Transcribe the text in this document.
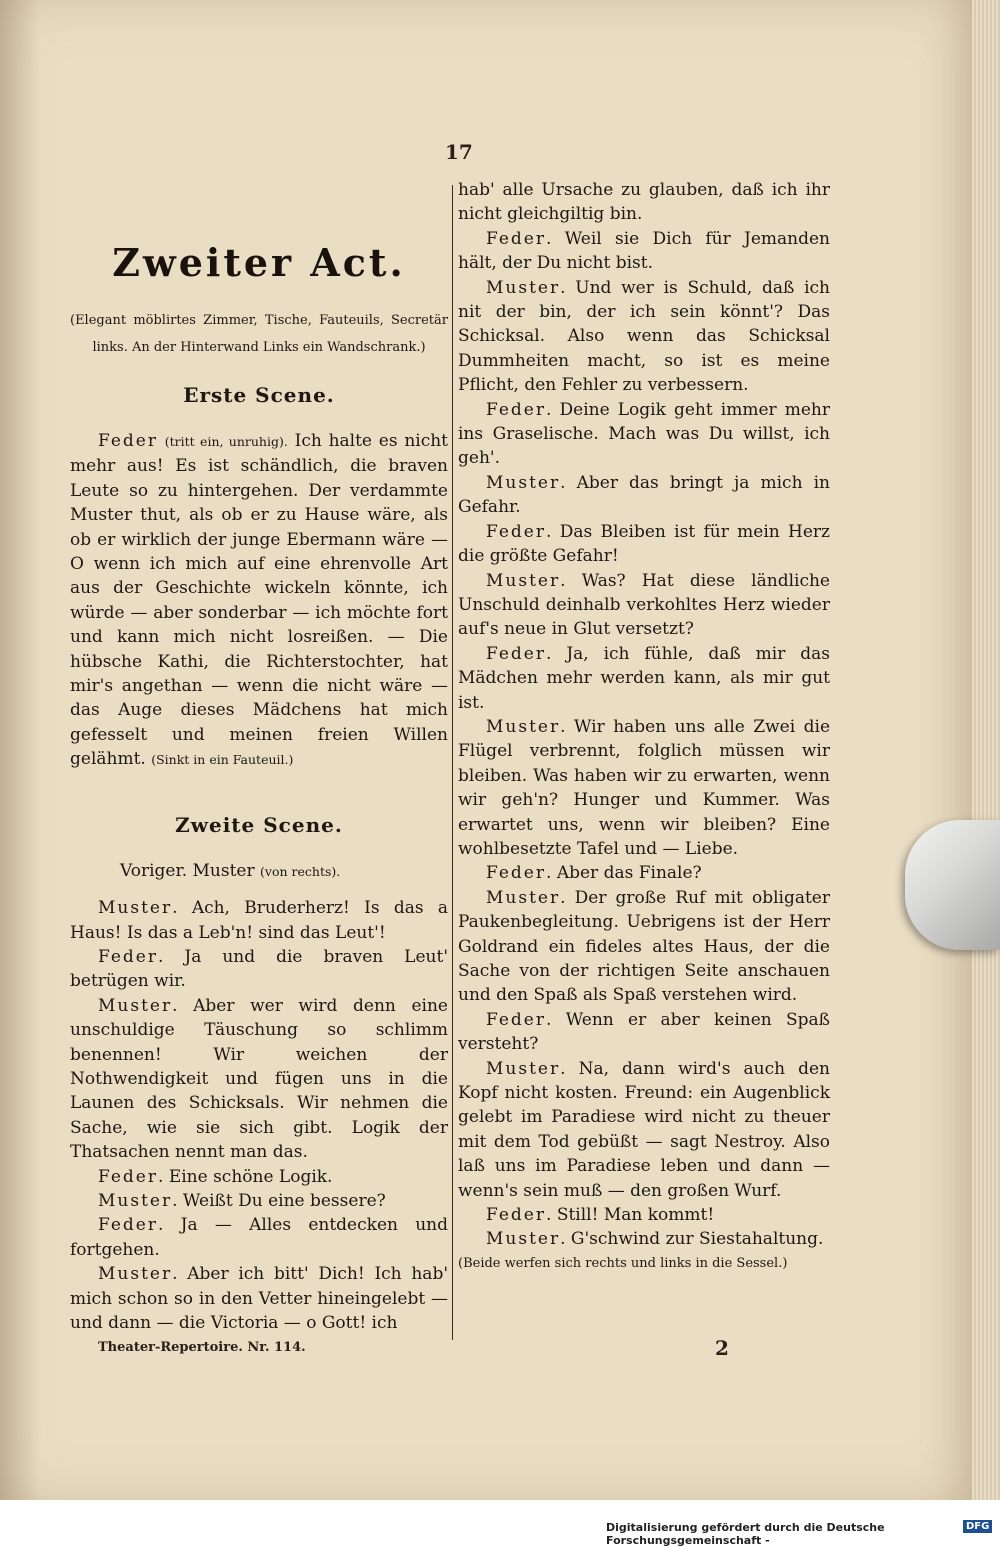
17
Zweiter Act.
(Elegant möblirtes Zimmer, Tische, Fauteuils, Secretär links. An der Hinterwand Links ein Wandschrank.)
Erste Scene.

Feder (tritt ein, unruhig). Ich halte es nicht mehr aus! Es ist schändlich, die braven Leute so zu hintergehen. Der verdammte Muster thut, als ob er zu Hause wäre, als ob er wirklich der junge Ebermann wäre — O wenn ich mich auf eine ehrenvolle Art aus der Geschichte wickeln könnte, ich würde — aber sonderbar — ich möchte fort und kann mich nicht losreißen. — Die hübsche Kathi, die Richterstochter, hat mir's angethan — wenn die nicht wäre — das Auge dieses Mädchens hat mich gefesselt und meinen freien Willen gelähmt. (Sinkt in ein Fauteuil.)

Zweite Scene.

Voriger. Muster (von rechts).

Muster. Ach, Bruderherz! Is das a Haus! Is das a Leb'n! sind das Leut'!

Feder. Ja und die braven Leut' betrügen wir.

Muster. Aber wer wird denn eine unschuldige Täuschung so schlimm benennen! Wir weichen der Nothwendigkeit und fügen uns in die Launen des Schicksals. Wir nehmen die Sache, wie sie sich gibt. Logik der Thatsachen nennt man das.

Feder. Eine schöne Logik.

Muster. Weißt Du eine bessere?

Feder. Ja — Alles entdecken und fortgehen.

Muster. Aber ich bitt' Dich! Ich hab' mich schon so in den Vetter hineingelebt — und dann — die Victoria — o Gott! ich

hab' alle Ursache zu glauben, daß ich ihr nicht gleichgiltig bin.

Feder. Weil sie Dich für Jemanden hält, der Du nicht bist.

Muster. Und wer is Schuld, daß ich nit der bin, der ich sein könnt'? Das Schicksal. Also wenn das Schicksal Dummheiten macht, so ist es meine Pflicht, den Fehler zu verbessern.

Feder. Deine Logik geht immer mehr ins Graselische. Mach was Du willst, ich geh'.

Muster. Aber das bringt ja mich in Gefahr.

Feder. Das Bleiben ist für mein Herz die größte Gefahr!

Muster. Was? Hat diese ländliche Unschuld deinhalb verkohltes Herz wieder auf's neue in Glut versetzt?

Feder. Ja, ich fühle, daß mir das Mädchen mehr werden kann, als mir gut ist.

Muster. Wir haben uns alle Zwei die Flügel verbrennt, folglich müssen wir bleiben. Was haben wir zu erwarten, wenn wir geh'n? Hunger und Kummer. Was erwartet uns, wenn wir bleiben? Eine wohlbesetzte Tafel und — Liebe.

Feder. Aber das Finale?

Muster. Der große Ruf mit obligater Paukenbegleitung. Uebrigens ist der Herr Goldrand ein fideles altes Haus, der die Sache von der richtigen Seite anschauen und den Spaß als Spaß verstehen wird.

Feder. Wenn er aber keinen Spaß versteht?

Muster. Na, dann wird's auch den Kopf nicht kosten. Freund: ein Augenblick gelebt im Paradiese wird nicht zu theuer mit dem Tod gebüßt — sagt Nestroy. Also laß uns im Paradiese leben und dann — wenn's sein muß — den großen Wurf.

Feder. Still! Man kommt!

Muster. G'schwind zur Siestahaltung.

(Beide werfen sich rechts und links in die Sessel.)

Theater-Repertoire. Nr. 114.	2
Digitalisierung gefördert durch die Deutsche Forschungsgemeinschaft -
DFG
